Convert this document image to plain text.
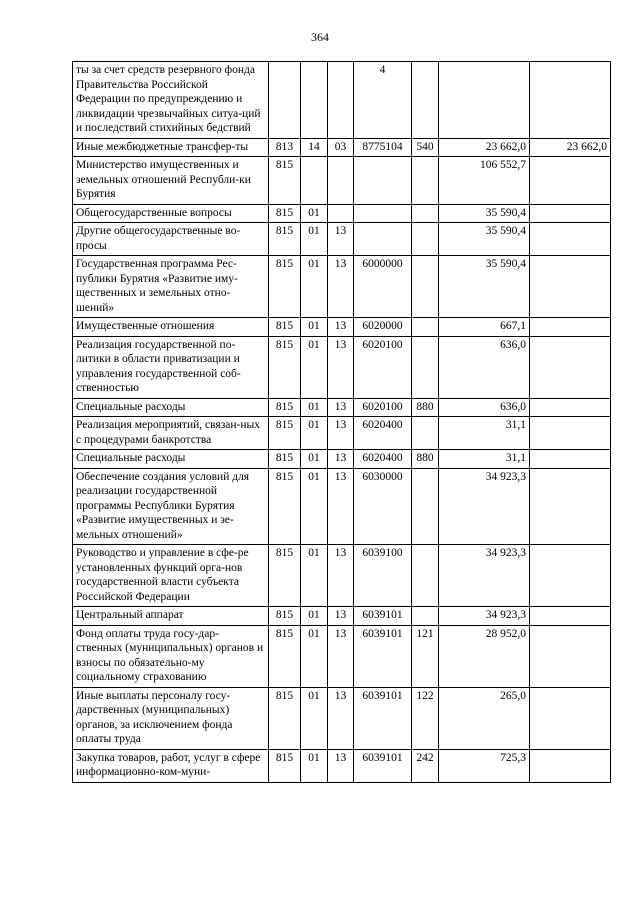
364
ты за счет средств резервного фонда Правительства Российской Федерации по предупреждению и ликвидации чрезвычайных ситуа-ций и последствий стихийных бедствий				4			
Иные межбюджетные трансфер-ты	813	14	03	8775104	540	23 662,0	23 662,0
Министерство имущественных и земельных отношений Республи-ки Бурятия	815					106 552,7	
Общегосударственные вопросы	815	01				35 590,4	
Другие общегосударственные во-просы	815	01	13			35 590,4	
Государственная программа Рес-публики Бурятия «Развитие иму-щественных и земельных отно-шений»	815	01	13	6000000		35 590,4	
Имущественные отношения	815	01	13	6020000		667,1	
Реализация государственной по-литики в области приватизации и управления государственной соб-ственностью	815	01	13	6020100		636,0	
Специальные расходы	815	01	13	6020100	880	636,0	
Реализация мероприятий, связан-ных с процедурами банкротства	815	01	13	6020400		31,1	
Специальные расходы	815	01	13	6020400	880	31,1	
Обеспечение создания условий для реализации государственной программы Республики Бурятия «Развитие имущественных и зе-мельных отношений»	815	01	13	6030000		34 923,3	
Руководство и управление в сфе-ре установленных функций орга-нов государственной власти субъекта Российской Федерации	815	01	13	6039100		34 923,3	
Центральный аппарат	815	01	13	6039101		34 923,3	
Фонд оплаты труда госу-дар-ственных (муниципальных) органов и взносы по обязательно-му социальному страхованию	815	01	13	6039101	121	28 952,0	
Иные выплаты персоналу госу-дарственных (муниципальных) органов, за исключением фонда оплаты труда	815	01	13	6039101	122	265,0	
Закупка товаров, работ, услуг в сфере информационно-ком-муни-	815	01	13	6039101	242	725,3	
